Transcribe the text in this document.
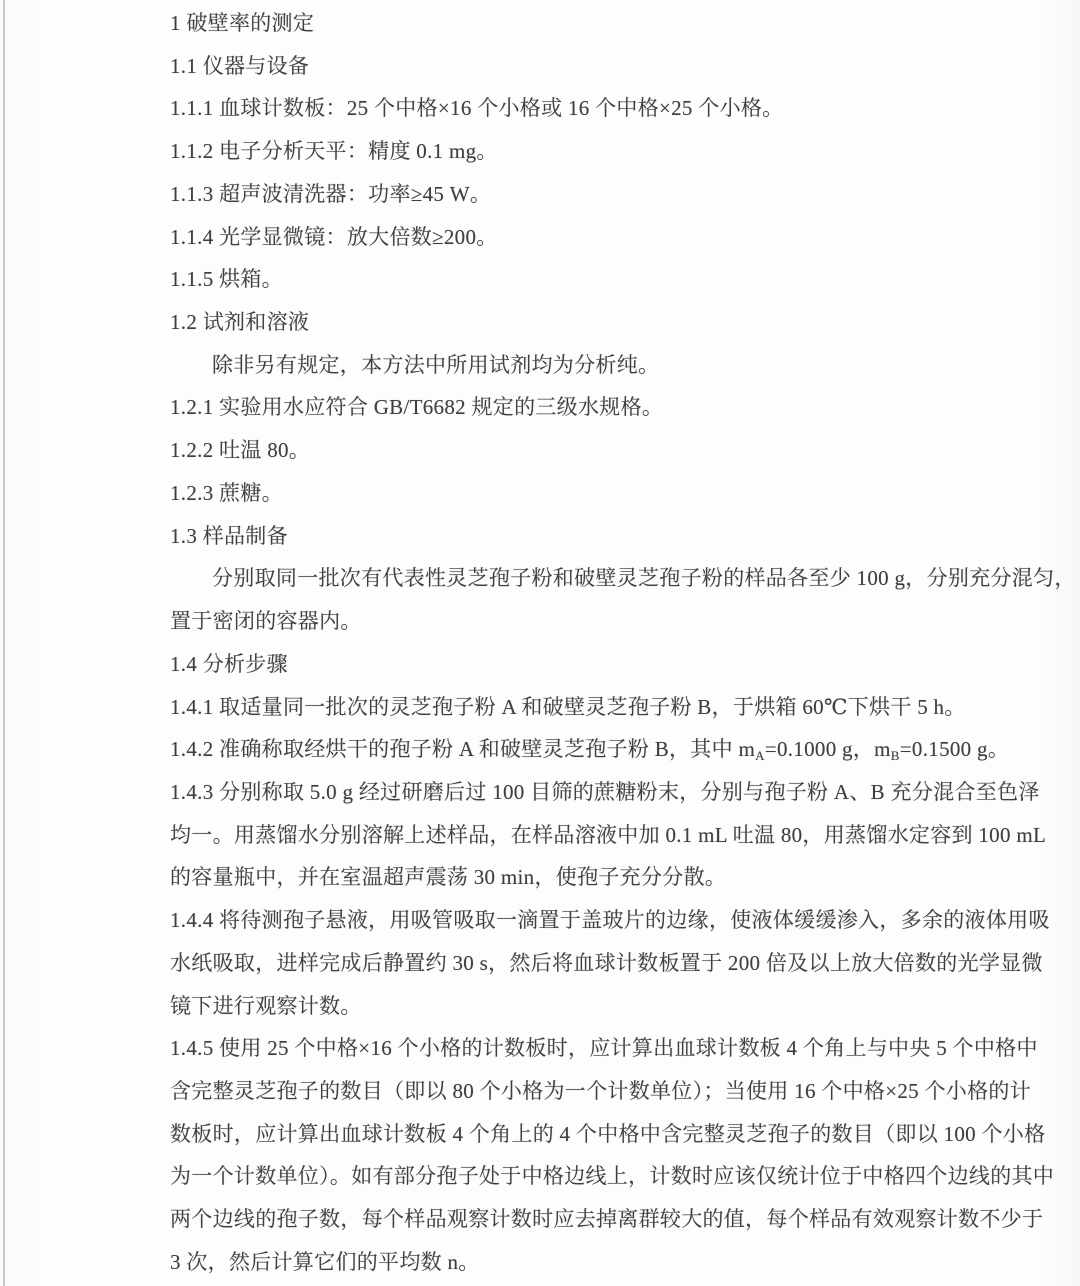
1 破壁率的测定
1.1 仪器与设备
1.1.1 血球计数板：25 个中格×16 个小格或 16 个中格×25 个小格。
1.1.2 电子分析天平：精度 0.1 mg。
1.1.3 超声波清洗器：功率≥45 W。
1.1.4 光学显微镜：放大倍数≥200。
1.1.5 烘箱。
1.2 试剂和溶液
除非另有规定，本方法中所用试剂均为分析纯。
1.2.1 实验用水应符合 GB/T6682 规定的三级水规格。
1.2.2 吐温 80。
1.2.3 蔗糖。
1.3 样品制备
分别取同一批次有代表性灵芝孢子粉和破壁灵芝孢子粉的样品各至少 100 g，分别充分混匀，
置于密闭的容器内。
1.4 分析步骤
1.4.1 取适量同一批次的灵芝孢子粉 A 和破壁灵芝孢子粉 B，于烘箱 60℃下烘干 5 h。
1.4.2 准确称取经烘干的孢子粉 A 和破壁灵芝孢子粉 B，其中 $m_A=0.1000$ g，$m_B=0.1500$ g。
1.4.3 分别称取 5.0 g 经过研磨后过 100 目筛的蔗糖粉末，分别与孢子粉 A、B 充分混合至色泽
均一。用蒸馏水分别溶解上述样品，在样品溶液中加 0.1 mL 吐温 80，用蒸馏水定容到 100 mL
的容量瓶中，并在室温超声震荡 30 min，使孢子充分分散。
1.4.4 将待测孢子悬液，用吸管吸取一滴置于盖玻片的边缘，使液体缓缓渗入，多余的液体用吸
水纸吸取，进样完成后静置约 30 s，然后将血球计数板置于 200 倍及以上放大倍数的光学显微
镜下进行观察计数。
1.4.5 使用 25 个中格×16 个小格的计数板时，应计算出血球计数板 4 个角上与中央 5 个中格中
含完整灵芝孢子的数目（即以 80 个小格为一个计数单位）；当使用 16 个中格×25 个小格的计
数板时，应计算出血球计数板 4 个角上的 4 个中格中含完整灵芝孢子的数目（即以 100 个小格
为一个计数单位）。如有部分孢子处于中格边线上，计数时应该仅统计位于中格四个边线的其中
两个边线的孢子数，每个样品观察计数时应去掉离群较大的值，每个样品有效观察计数不少于
3 次，然后计算它们的平均数 n。
